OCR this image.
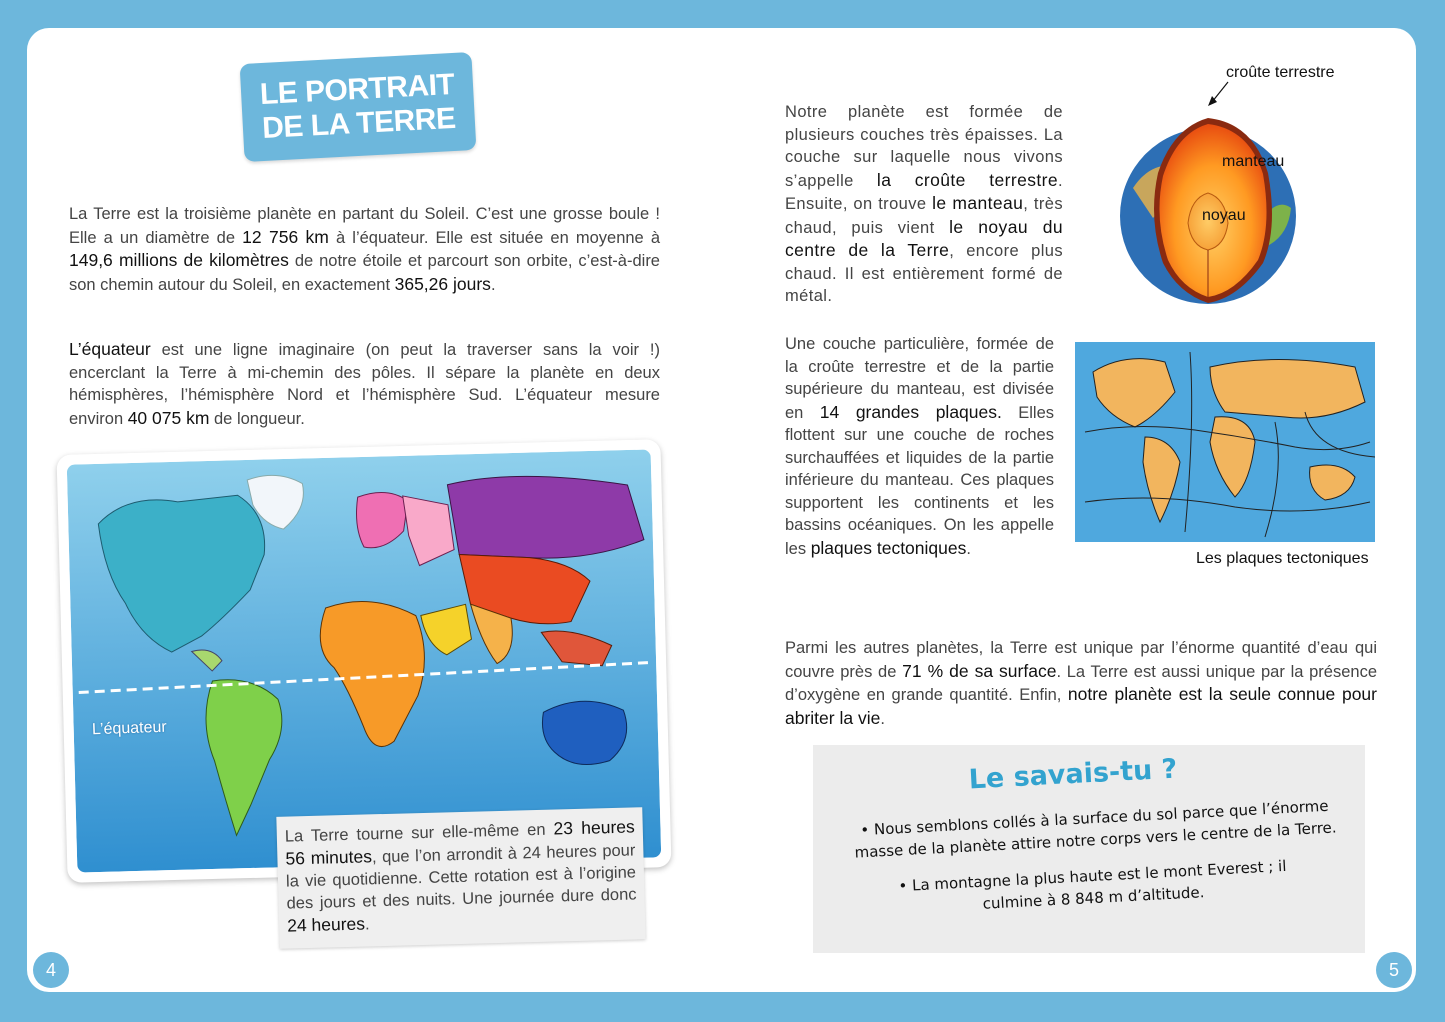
LE PORTRAIT
DE LA TERRE

La Terre est la troisième planète en partant du Soleil. C’est une grosse boule ! Elle a un diamètre de 12 756 km à l’équateur. Elle est située en moyenne à 149,6 millions de kilomètres de notre étoile et parcourt son orbite, c’est-à-dire son chemin autour du Soleil, en exactement 365,26 jours.

L’équateur est une ligne imaginaire (on peut la traverser sans la voir !) encerclant la Terre à mi-chemin des pôles. Il sépare la planète en deux hémisphères, l’hémisphère Nord et l’hémisphère Sud. L’équateur mesure environ 40 075 km de longueur.

L’équateur

La Terre tourne sur elle-même en 23 heures 56 minutes, que l’on arrondit à 24 heures pour la vie quotidienne. Cette rotation est à l’origine des jours et des nuits. Une journée dure donc 24 heures.

Notre planète est formée de plusieurs couches très épaisses. La couche sur laquelle nous vivons s’appelle la croûte terrestre. Ensuite, on trouve le manteau, très chaud, puis vient le noyau du centre de la Terre, encore plus chaud. Il est entièrement formé de métal.

croûte terrestre
manteau
noyau

Une couche particulière, formée de la croûte terrestre et de la partie supérieure du manteau, est divisée en 14 grandes plaques. Elles flottent sur une couche de roches surchauffées et liquides de la partie inférieure du manteau. Ces plaques supportent les continents et les bassins océaniques. On les appelle les plaques tectoniques.

Les plaques tectoniques

Parmi les autres planètes, la Terre est unique par l’énorme quantité d’eau qui couvre près de 71 % de sa surface. La Terre est aussi unique par la présence d’oxygène en grande quantité. Enfin, notre planète est la seule connue pour abriter la vie.

Le savais-tu ?
• Nous semblons collés à la surface du sol parce que l’énorme masse de la planète attire notre corps vers le centre de la Terre.
• La montagne la plus haute est le mont Everest ; il culmine à 8 848 m d’altitude.
4	5
